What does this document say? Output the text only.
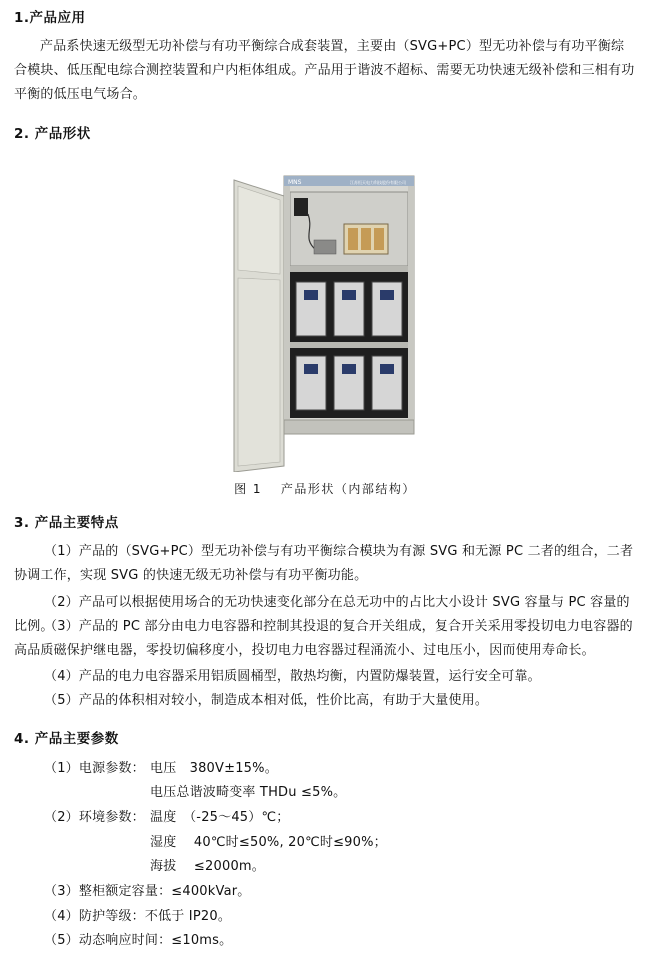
1.产品应用
产品系快速无级型无功补偿与有功平衡综合成套装置，主要由（SVG+PC）型无功补偿与有功平衡综合模块、低压配电综合测控装置和户内柜体组成。产品用于谐波不超标、需要无功快速无级补偿和三相有功平衡的低压电气场合。
2. 产品形状
MNS	江苏恒天电力科技股份有限公司
图 1　 产品形状（内部结构）
3. 产品主要特点
（1）产品的（SVG+PC）型无功补偿与有功平衡综合模块为有源 SVG 和无源 PC 二者的组合，二者协调工作，实现 SVG 的快速无级无功补偿与有功平衡功能。
（2）产品可以根据使用场合的无功快速变化部分在总无功中的占比大小设计 SVG 容量与 PC 容量的比例。
（3）产品的 PC 部分由电力电容器和控制其投退的复合开关组成，复合开关采用零投切电力电容器的高品质磁保护继电器，零投切偏移度小，投切电力电容器过程涌流小、过电压小，因而使用寿命长。
（4）产品的电力电容器采用铝质圆桶型，散热均衡，内置防爆装置，运行安全可靠。
（5）产品的体积相对较小，制造成本相对低，性价比高，有助于大量使用。
4. 产品主要参数
（1）电源参数： 电压　380V±15%。
电压总谐波畸变率 THDu ≤5%。
（2）环境参数： 温度　（-25～45）℃；
湿度　 40℃时≤50%, 20℃时≤90%；
海拔　 ≤2000m。
（3）整柜额定容量：≤400kVar。
（4）防护等级：不低于 IP20。
（5）动态响应时间：≤10ms。
